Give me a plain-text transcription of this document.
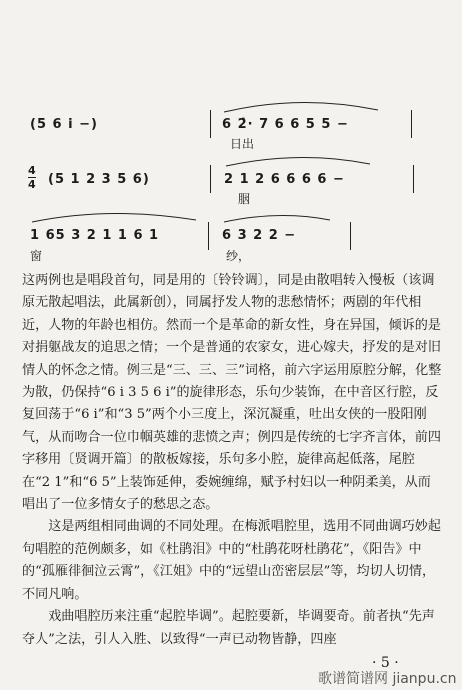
(5 6 i −)	6 2̇· 7 6 6 5 5 −
日出
4
4 (5 1 2 3 5 6)	2 1 2 6 6 6 6 −
胭
1 65 3 2 1 1 6 1	6 3 2 2 −
窗	纱，

这两例也是唱段首句，同是用的〔铃铃调〕，同是由散唱转入慢板（该调原无散起唱法，此属新创），同属抒发人物的悲愁情怀；两剧的年代相近，人物的年龄也相仿。然而一个是革命的新女性，身在异国，倾诉的是对捐躯战友的追思之情；一个是普通的农家女，进心嫁夫，抒发的是对旧情人的怀念之情。例三是“三、三、三”词格，前六字运用原腔分解，化整为散，仍保持“6 i 3 5 6 i”的旋律形态，乐句少装饰，在中音区行腔，反复回荡于“6 i”和“3 5”两个小三度上，深沉凝重，吐出女侠的一股阳刚气，从而吻合一位巾帼英雄的悲愤之声；例四是传统的七字齐言体，前四字移用〔贤调开篇〕的散板嫁接，乐句多小腔，旋律高起低落，尾腔在“2 1”和“6 5”上装饰延伸，委婉缠绵，赋予村妇以一种阴柔美，从而唱出了一位多情女子的愁思之态。

这是两组相同曲调的不同处理。在梅派唱腔里，选用不同曲调巧妙起句唱腔的范例颇多，如《杜鹃泪》中的“杜鹃花呀杜鹃花”，《阳告》中的“孤雁徘徊泣云霄”，《江姐》中的“远望山峦密层层”等，均切人切情，不同凡响。

戏曲唱腔历来注重“起腔毕调”。起腔要新，毕调要奇。前者执“先声夺人”之法，引人入胜、以致得“一声已动物皆静，四座

· 5 ·
歌谱简谱网 jianpu.cn
